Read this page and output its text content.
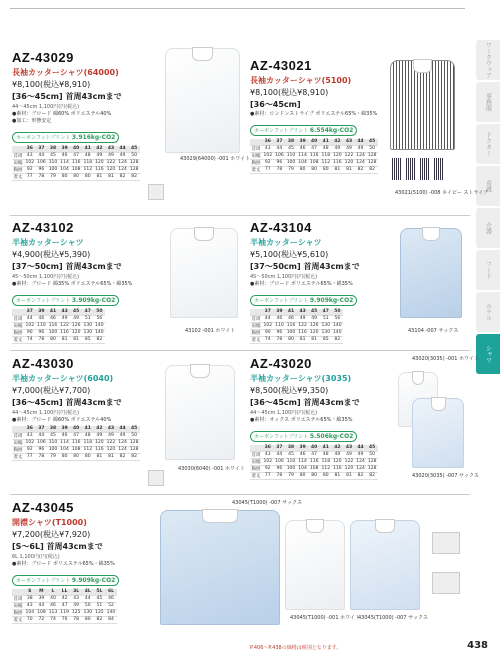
ワークウェア
事務服
ドクター
看護
介護
フード
ホテル
シャツ
AZ-43029
長袖カッターシャツ(64000)
¥8,100(税込¥8,910)
[36〜45cm] 首周43cmまで
44〜45cm 1,100円(円(税込)
●素材：ブロード 綿60% ポリエステル40%
●加工：形態安定
カーボンフットプリント 3.916kg-CO2
	36	37	38	39	40	41	42	43	44	45
首周	43	44	45	46	47	48	49	49	49	50
肩幅	102	106	110	114	116	118	120	122	124	128
胸囲	92	96	100	104	108	112	116	120	124	128
着丈	77	78	79	80	80	80	81	81	82	82
43029(64000) -001 ホワイト
AZ-43021
長袖カッターシャツ(5100)
¥8,100(税込¥8,910)
[36〜45cm]
●素材：ロンドンストライプ ポリエステル65%・綿35%
カーボンフットプリント 6.554kg-CO2
	36	37	38	39	40	41	42	43	44	45
首周	43	44	45	46	47	48	49	49	49	50
肩幅	102	106	110	114	116	118	120	122	124	128
胸囲	92	96	100	104	108	112	116	120	124	128
着丈	77	78	79	80	80	80	81	81	82	82
43021(5100) -008 ネイビー ストライプ
AZ-43102
半袖カッターシャツ
¥4,900(税込¥5,390)
[37〜50cm] 首周43cmまで
45〜50cm 1,100円(円(税込)
●素材：ブロード 綿35% ポリエステル65%・綿35%
カーボンフットプリント 3.909kg-CO2
	37	39	41	43	45	47	50
首周	44	46	46	49	49	51	56
肩幅	102	110	116	122	126	130	140
胸囲	90	96	100	116	120	130	140
着丈	74	78	80	81	81	85	82
43102 -001 ホワイト
AZ-43104
半袖カッターシャツ
¥5,100(税込¥5,610)
[37〜50cm] 首周43cmまで
45〜50cm 1,100円(円(税込)
●素材：ブロード ポリエステル65%・綿35%
カーボンフットプリント 9.909kg-CO2
	37	39	41	43	45	47	50
首周	44	46	46	49	49	51	56
肩幅	102	110	116	122	126	130	140
胸囲	90	96	100	116	120	130	140
着丈	74	78	80	81	81	85	82
43104 -007 サックス
AZ-43030
半袖カッターシャツ(6040)
¥7,000(税込¥7,700)
[36〜45cm] 首周43cmまで
44〜45cm 1,100円(円(税込)
●素材：ブロード 綿60% ポリエステル40%
	36	37	38	39	40	41	42	43	44	45
首周	43	44	45	46	47	48	49	49	49	50
肩幅	102	106	110	114	116	118	120	122	124	128
胸囲	92	96	100	104	108	112	116	120	124	128
着丈	77	78	79	80	80	80	81	81	82	82
43030(6040) -001 ホワイト
AZ-43020
半袖カッターシャツ(3035)
¥8,500(税込¥9,350)
[36〜45cm] 首周43cmまで
44〜45cm 1,100円(円(税込)
●素材：オックス ポリエステル65%・綿35%
カーボンフットプリント 5.506kg-CO2
	36	37	38	39	40	41	42	43	44	45
首周	43	44	45	46	47	48	49	49	49	50
肩幅	102	106	110	114	116	118	120	122	124	128
胸囲	92	96	100	104	108	112	116	120	124	128
着丈	77	78	79	80	80	80	81	81	82	82
43020(3035) -001 ホワイト
43020(3035) -007 サックス
AZ-43045
開襟シャツ(T1000)
¥7,200(税込¥7,920)
[S〜6L] 首周43cmまで
6L 1,100円(円(税込)
●素材：ブロード ポリエステル65%・綿35%
カーボンフットプリント 9.909kg-CO2
	S	M	L	LL	3L	4L	5L	6L
首周	38	39	40	42	43	44	45	46
肩幅	43	44	46	47	49	50	51	52
胸囲	104	108	113	119	125	130	135	140
着丈	70	72	74	76	78	80	82	84
43045(T1000) -007 サックス
43045(T1000) -001 ホワイト
43045(T1000) -007 サックス
P.406〜P.438の価格は税別となります。	438
